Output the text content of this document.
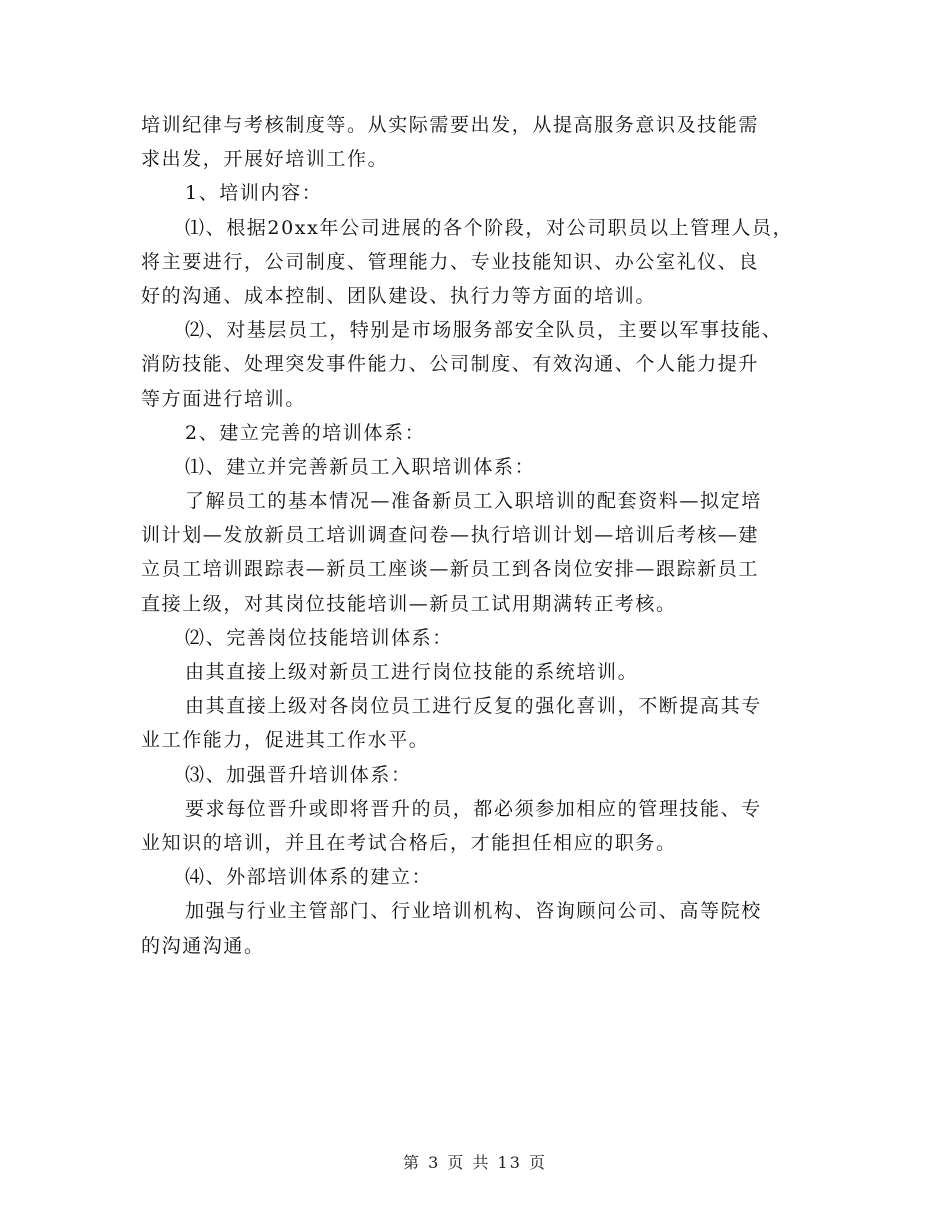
培训纪律与考核制度等。从实际需要出发，从提高服务意识及技能需
求出发，开展好培训工作。
1、培训内容：
⑴、根据20xx年公司进展的各个阶段，对公司职员以上管理人员，
将主要进行，公司制度、管理能力、专业技能知识、办公室礼仪、良
好的沟通、成本控制、团队建设、执行力等方面的培训。
⑵、对基层员工，特别是市场服务部安全队员，主要以军事技能、
消防技能、处理突发事件能力、公司制度、有效沟通、个人能力提升
等方面进行培训。
2、建立完善的培训体系：
⑴、建立并完善新员工入职培训体系：
了解员工的基本情况—准备新员工入职培训的配套资料—拟定培
训计划—发放新员工培训调查问卷—执行培训计划—培训后考核—建
立员工培训跟踪表—新员工座谈—新员工到各岗位安排—跟踪新员工
直接上级，对其岗位技能培训—新员工试用期满转正考核。
⑵、完善岗位技能培训体系：
由其直接上级对新员工进行岗位技能的系统培训。
由其直接上级对各岗位员工进行反复的强化喜训，不断提高其专
业工作能力，促进其工作水平。
⑶、加强晋升培训体系：
要求每位晋升或即将晋升的员，都必须参加相应的管理技能、专
业知识的培训，并且在考试合格后，才能担任相应的职务。
⑷、外部培训体系的建立：
加强与行业主管部门、行业培训机构、咨询顾问公司、高等院校
的沟通沟通。
第 3 页 共 13 页
